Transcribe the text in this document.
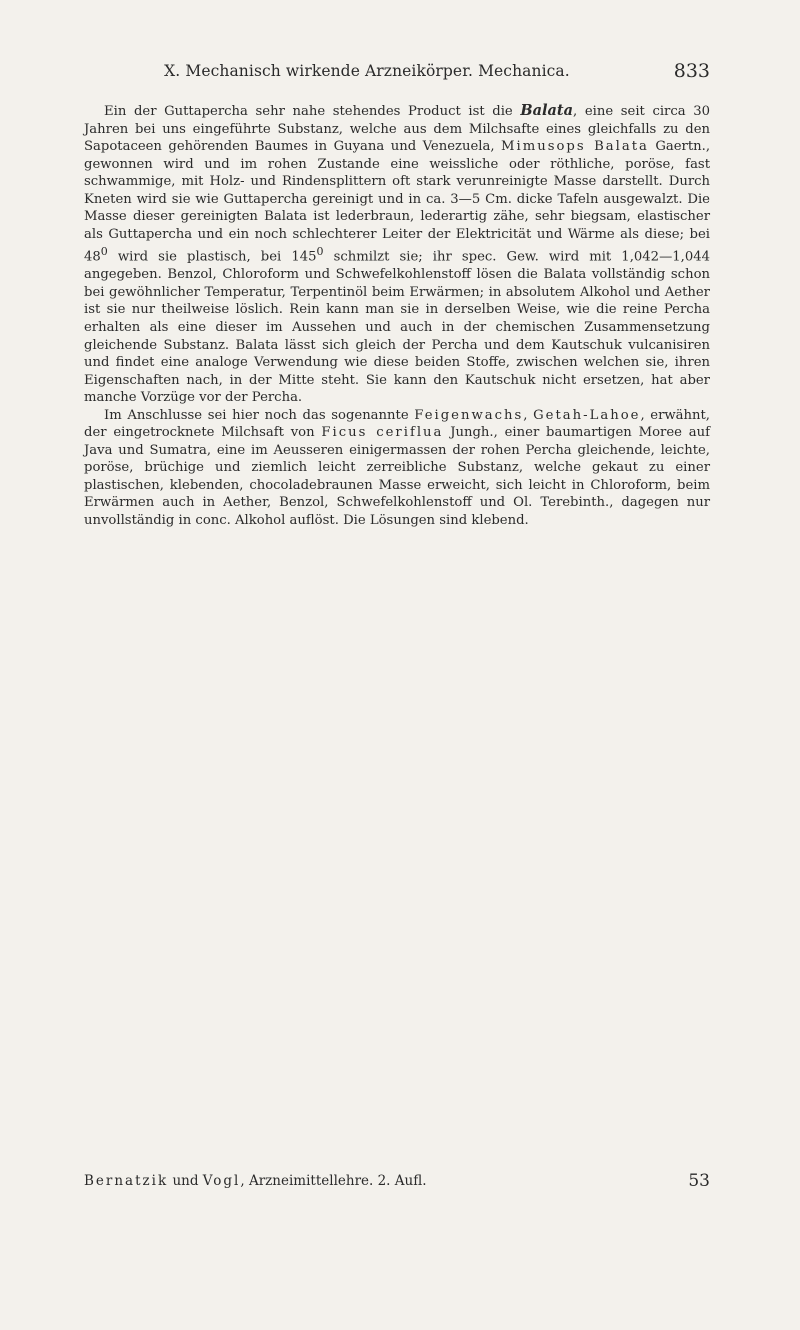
X. Mechanisch wirkende Arzneikörper. Mechanica.	833

Ein der Guttapercha sehr nahe stehendes Product ist die Balata, eine seit circa 30 Jahren bei uns eingeführte Substanz, welche aus dem Milchsafte eines gleichfalls zu den Sapotaceen gehörenden Baumes in Guyana und Venezuela, Mimusops Balata Gaertn., gewonnen wird und im rohen Zustande eine weissliche oder röthliche, poröse, fast schwammige, mit Holz- und Rindensplittern oft stark verunreinigte Masse darstellt. Durch Kneten wird sie wie Guttapercha gereinigt und in ca. 3—5 Cm. dicke Tafeln ausgewalzt. Die Masse dieser gereinigten Balata ist lederbraun, lederartig zähe, sehr biegsam, elastischer als Guttapercha und ein noch schlechterer Leiter der Elektricität und Wärme als diese; bei $48^0$ wird sie plastisch, bei $145^0$ schmilzt sie; ihr spec. Gew. wird mit 1,042—1,044 angegeben. Benzol, Chloroform und Schwefelkohlenstoff lösen die Balata vollständig schon bei gewöhnlicher Temperatur, Terpentinöl beim Erwärmen; in absolutem Alkohol und Aether ist sie nur theilweise löslich. Rein kann man sie in derselben Weise, wie die reine Percha erhalten als eine dieser im Aussehen und auch in der chemischen Zusammensetzung gleichende Substanz. Balata lässt sich gleich der Percha und dem Kautschuk vulcanisiren und findet eine analoge Verwendung wie diese beiden Stoffe, zwischen welchen sie, ihren Eigenschaften nach, in der Mitte steht. Sie kann den Kautschuk nicht ersetzen, hat aber manche Vorzüge vor der Percha.

Im Anschlusse sei hier noch das sogenannte Feigenwachs, Getah-Lahoe, erwähnt, der eingetrocknete Milchsaft von Ficus ceriflua Jungh., einer baumartigen Moree auf Java und Sumatra, eine im Aeusseren einigermassen der rohen Percha gleichende, leichte, poröse, brüchige und ziemlich leicht zerreibliche Substanz, welche gekaut zu einer plastischen, klebenden, chocoladebraunen Masse erweicht, sich leicht in Chloroform, beim Erwärmen auch in Aether, Benzol, Schwefelkohlenstoff und Ol. Terebinth., dagegen nur unvollständig in conc. Alkohol auflöst. Die Lösungen sind klebend.

Bernatzik und Vogl, Arzneimittellehre. 2. Aufl.	53
